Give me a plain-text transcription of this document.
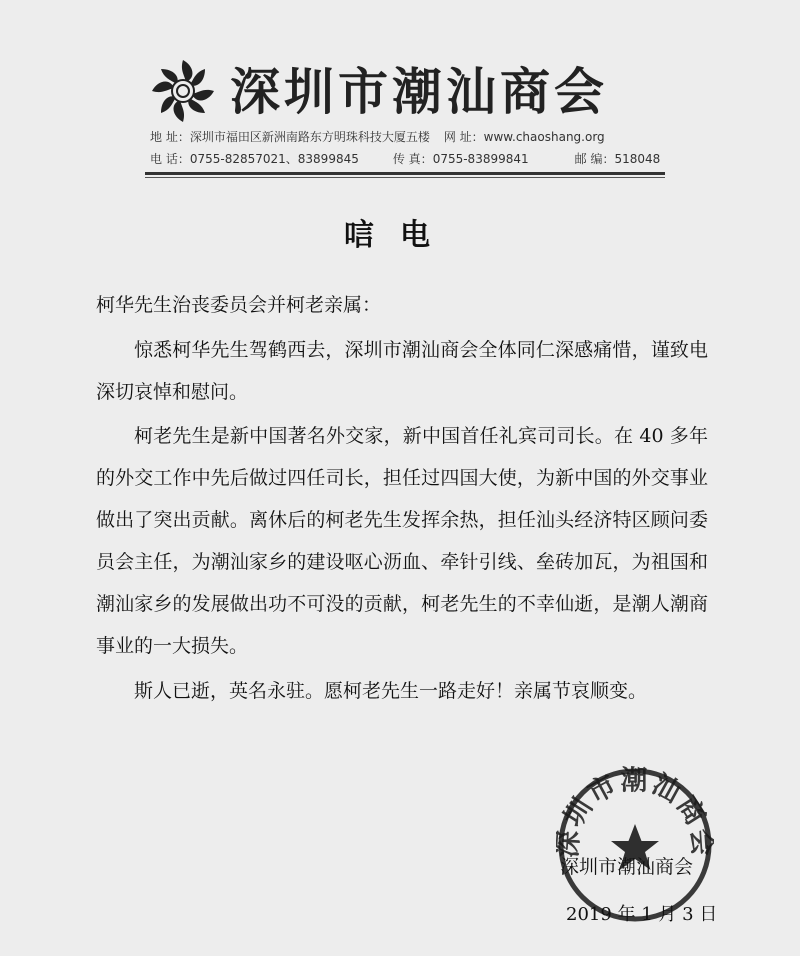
深圳市潮汕商会
地 址：深圳市福田区新洲南路东方明珠科技大厦五楼 网 址：www.chaoshang.org
电 话：0755-82857021、83899845	传 真：0755-83899841	邮 编：518048
唁电
柯华先生治丧委员会并柯老亲属：
惊悉柯华先生驾鹤西去，深圳市潮汕商会全体同仁深感痛惜，谨致电深切哀悼和慰问。
柯老先生是新中国著名外交家，新中国首任礼宾司司长。在 40 多年的外交工作中先后做过四任司长，担任过四国大使，为新中国的外交事业做出了突出贡献。离休后的柯老先生发挥余热，担任汕头经济特区顾问委员会主任，为潮汕家乡的建设呕心沥血、牵针引线、垒砖加瓦，为祖国和潮汕家乡的发展做出功不可没的贡献，柯老先生的不幸仙逝，是潮人潮商事业的一大损失。
斯人已逝，英名永驻。愿柯老先生一路走好！亲属节哀顺变。
圳市潮汕商
深圳市潮汕商会
2019 年 1 月 3 日
